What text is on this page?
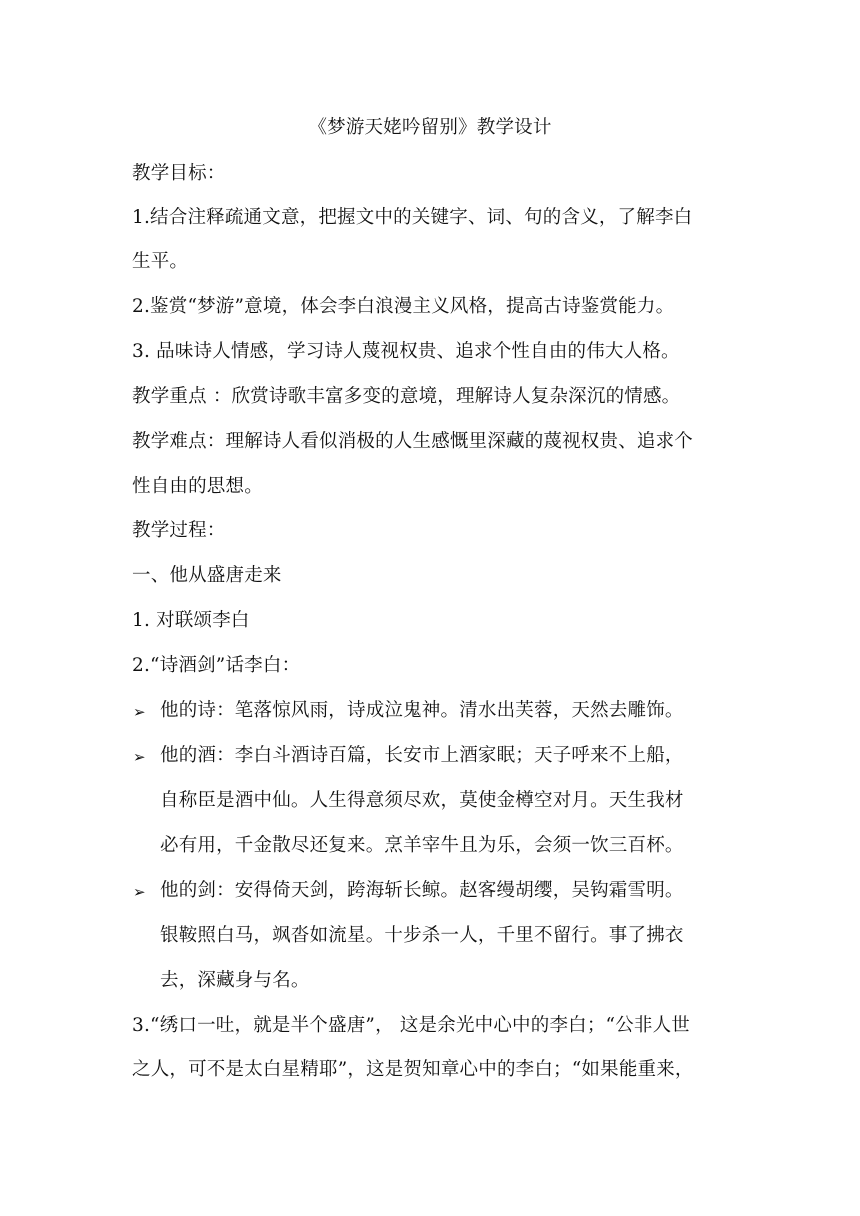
《梦游天姥吟留别》教学设计
教学目标：
1.结合注释疏通文意，把握文中的关键字、词、句的含义，了解李白
生平。
2.鉴赏“梦游”意境，体会李白浪漫主义风格，提高古诗鉴赏能力。
3. 品味诗人情感，学习诗人蔑视权贵、追求个性自由的伟大人格。
教学重点 ：欣赏诗歌丰富多变的意境，理解诗人复杂深沉的情感。
教学难点：理解诗人看似消极的人生感慨里深藏的蔑视权贵、追求个
性自由的思想。
教学过程：
一、他从盛唐走来
1. 对联颂李白
2.“诗酒剑”话李白：
➢ 他的诗：笔落惊风雨，诗成泣鬼神。清水出芙蓉，天然去雕饰。
➢ 他的酒：李白斗酒诗百篇，长安市上酒家眠；天子呼来不上船，
自称臣是酒中仙。人生得意须尽欢，莫使金樽空对月。天生我材
必有用，千金散尽还复来。烹羊宰牛且为乐，会须一饮三百杯。
➢ 他的剑：安得倚天剑，跨海斩长鲸。赵客缦胡缨，吴钩霜雪明。
银鞍照白马，飒沓如流星。十步杀一人，千里不留行。事了拂衣
去，深藏身与名。
3.“绣口一吐，就是半个盛唐”， 这是余光中心中的李白；“公非人世
之人，可不是太白星精耶”，这是贺知章心中的李白；“如果能重来，
